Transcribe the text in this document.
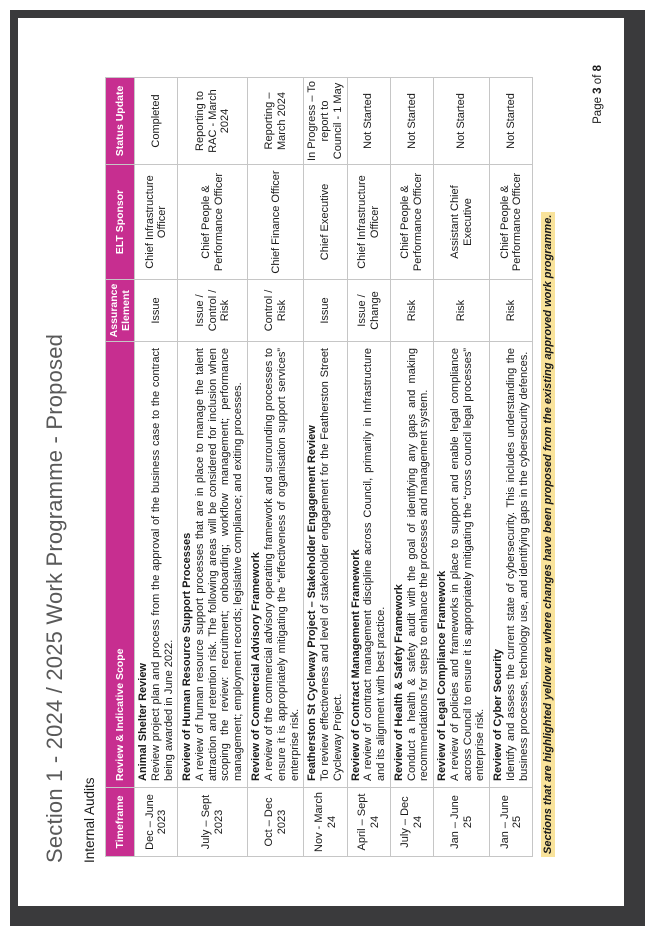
Section 1 - 2024 / 2025 Work Programme - Proposed Internal Audits Timeframe	Review & Indicative Scope	Assurance Element	ELT Sponsor	Status Update
Dec – June 2023	Animal Shelter Review Review project plan and process from the approval of the business case to the contract being awarded in June 2022.	Issue	Chief Infrastructure Officer	Completed
July – Sept 2023	Review of Human Resource Support Processes A review of human resource support processes that are in place to manage the talent attraction and retention risk. The following areas will be considered for inclusion when scoping the review: recruitment; onboarding; workflow management; performance management; employment records; legislative compliance; and exiting processes.	Issue / Control / Risk	Chief People & Performance Officer	Reporting to RAC - March 2024
Oct – Dec 2023	Review of Commercial Advisory Framework A review of the commercial advisory operating framework and surrounding processes to ensure it is appropriately mitigating the “effectiveness of organisation support services” enterprise risk.	Control / Risk	Chief Finance Officer	Reporting – March 2024
Nov - March 24	Featherston St Cycleway Project – Stakeholder Engagement Review To review effectiveness and level of stakeholder engagement for the Featherston Street Cycleway Project.	Issue	Chief Executive	In Progress – To report to Council - 1 May
April – Sept 24	Review of Contract Management Framework A review of contract management discipline across Council, primarily in Infrastructure and its alignment with best practice.	Issue / Change	Chief Infrastructure Officer	Not Started
July – Dec 24	Review of Health & Safety Framework Conduct a health & safety audit with the goal of identifying any gaps and making recommendations for steps to enhance the processes and management system.	Risk	Chief People & Performance Officer	Not Started
Jan – June 25	Review of Legal Compliance Framework A review of policies and frameworks in place to support and enable legal compliance across Council to ensure it is appropriately mitigating the “cross council legal processes” enterprise risk.	Risk	Assistant Chief Executive	Not Started
Jan – June 25	Review of Cyber Security Identify and assess the current state of cybersecurity. This includes understanding the business processes, technology use, and identifying gaps in the cybersecurity defences.	Risk	Chief People & Performance Officer	Not Started
Sections that are highlighted yellow are where changes have been proposed from the existing approved work programme.
Page 3 of 8
